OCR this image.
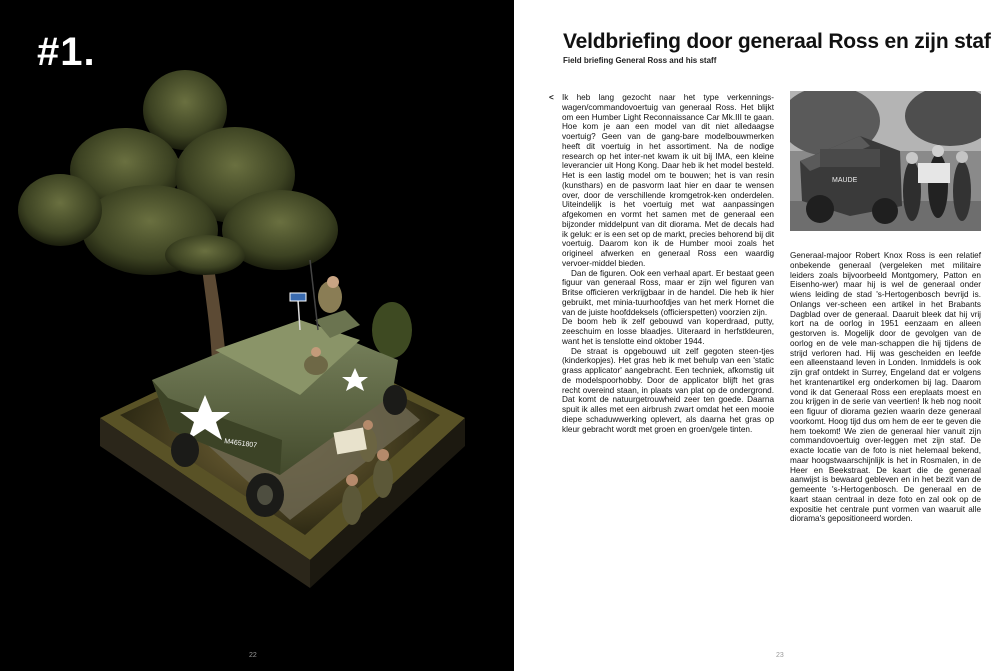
#1.
M4651807
22
Veldbriefing door generaal Ross en zijn staf
Field briefing General Ross and his staff
< Ik heb lang gezocht naar het type verkennings-wagen/commandovoertuig van generaal Ross. Het blijkt om een Humber Light Reconnaissance Car Mk.III te gaan. Hoe kom je aan een model van dit niet alledaagse voertuig? Geen van de gang-bare modelbouwmerken heeft dit voertuig in het assortiment. Na de nodige research op het inter-net kwam ik uit bij IMA, een kleine leverancier uit Hong Kong. Daar heb ik het model besteld. Het is een lastig model om te bouwen; het is van resin (kunsthars) en de pasvorm laat hier en daar te wensen over, door de verschillende kromgetrok-ken onderdelen. Uiteindelijk is het voertuig met wat aanpassingen afgekomen en vormt het samen met de generaal een bijzonder middelpunt van dit diorama. Met de decals had ik geluk: er is een set op de markt, precies behorend bij dit voertuig. Daarom kon ik de Humber mooi zoals het origineel afwerken en generaal Ross een waardig vervoer-middel bieden.

Dan de figuren. Ook een verhaal apart. Er bestaat geen figuur van generaal Ross, maar er zijn wel figuren van Britse officieren verkrijgbaar in de handel. Die heb ik hier gebruikt, met minia-tuurhoofdjes van het merk Hornet die van de juiste hoofddeksels (officierspetten) voorzien zijn.

De boom heb ik zelf gebouwd van koperdraad, putty, zeeschuim en losse blaadjes. Uiteraard in herfstkleuren, want het is tenslotte eind oktober 1944.

De straat is opgebouwd uit zelf gegoten steen-tjes (kinderkopjes). Het gras heb ik met behulp van een 'static grass applicator' aangebracht. Een techniek, afkomstig uit de modelspoorhobby. Door de applicator blijft het gras recht overeind staan, in plaats van plat op de ondergrond. Dat komt de natuurgetrouwheid zeer ten goede. Daarna spuit ik alles met een airbrush zwart omdat het een mooie diepe schaduwwerking oplevert, als daarna het gras op kleur gebracht wordt met groen en groen/gele tinten.

MAUDE

Generaal-majoor Robert Knox Ross is een relatief onbekende generaal (vergeleken met militaire leiders zoals bijvoorbeeld Montgomery, Patton en Eisenho-wer) maar hij is wel de generaal onder wiens leiding de stad 's-Hertogenbosch bevrijd is. Onlangs ver-scheen een artikel in het Brabants Dagblad over de generaal. Daaruit bleek dat hij vrij kort na de oorlog in 1951 eenzaam en alleen gestorven is. Mogelijk door de gevolgen van de oorlog en de vele man-schappen die hij tijdens de strijd verloren had. Hij was gescheiden en leefde een alleenstaand leven in Londen. Inmiddels is ook zijn graf ontdekt in Surrey, Engeland dat er volgens het krantenartikel erg onderkomen bij lag. Daarom vond ik dat Generaal Ross een ereplaats moest en zou krijgen in de serie van veertien! Ik heb nog nooit een figuur of diorama gezien waarin deze generaal voorkomt. Hoog tijd dus om hem de eer te geven die hem toekomt! We zien de generaal hier vanuit zijn commandovoertuig over-leggen met zijn staf. De exacte locatie van de foto is niet helemaal bekend, maar hoogstwaarschijnlijk is het in Rosmalen, in de Heer en Beekstraat. De kaart die de generaal aanwijst is bewaard gebleven en in het bezit van de gemeente 's-Hertogenbosch. De generaal en de kaart staan centraal in deze foto en zal ook op de expositie het centrale punt vormen van waaruit alle diorama's gepositioneerd worden.

23
